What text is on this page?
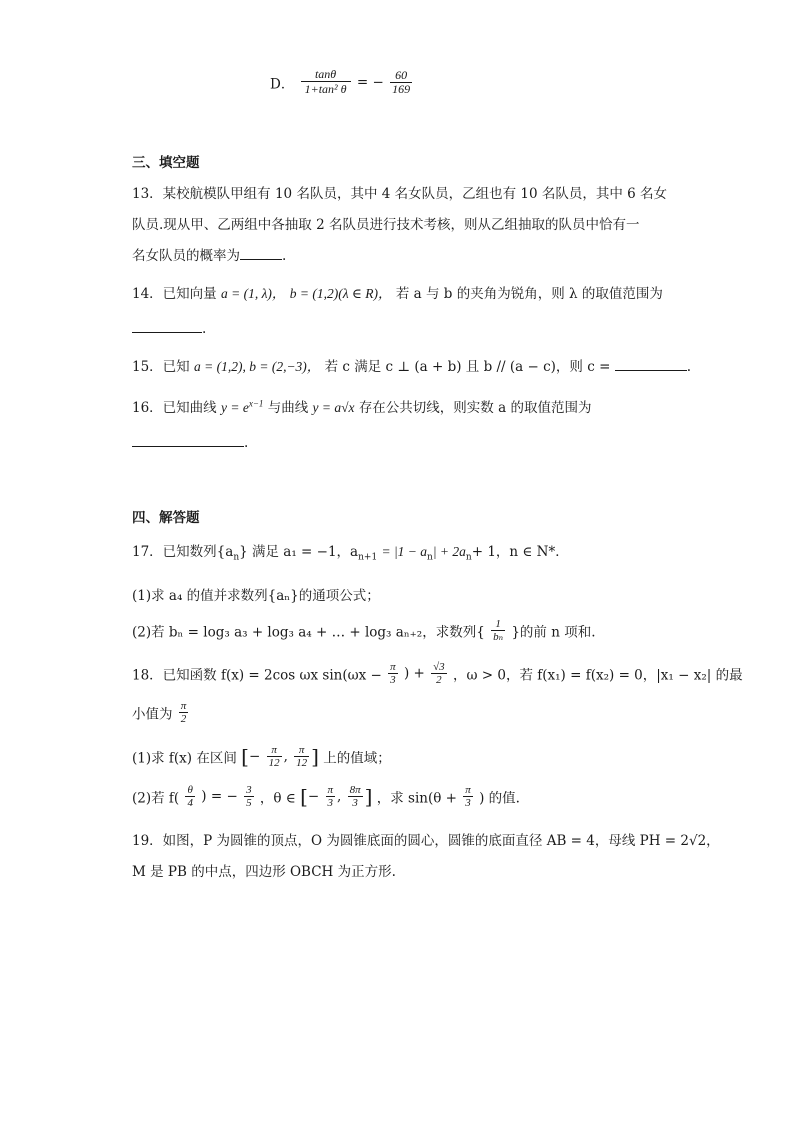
D． $\frac{\tan\theta}{\text{1+tan² θ}}$ = − $\frac{60}{169}$
三、填空题
13．某校航模队甲组有 10 名队员，其中 4 名女队员，乙组也有 10 名队员，其中 6 名女
队员.现从甲、乙两组中各抽取 2 名队员进行技术考核，则从乙组抽取的队员中恰有一
名女队员的概率为	.
14．已知向量 a = (1, λ)， b = (1,2)(λ ∈ R)， 若 a 与 b 的夹角为锐角，则 λ 的取值范围为
.
15．已知 a = (1,2), b = (2,−3)， 若 c 满足 c ⊥ (a + b) 且 b // (a − c)，则 c =	.
16．已知曲线 $y = e^{x-1}$ 与曲线 y = a√x 存在公共切线，则实数 a 的取值范围为
.
四、解答题
17．已知数列$\{a_n\}$ 满足 a₁ = −1，$a_{n+1} = |1 - a_n| + 2a_n+ 1$，n ∈ N*．
(1)求 a₄ 的值并求数列{aₙ}的通项公式；
(2)若 bₙ = log₃ a₃ + log₃ a₄ + … + log₃ aₙ₊₂，求数列{ $\frac{1}{\text{bₙ}}$ }的前 n 项和.
18．已知函数 f(x) = 2cos ωx $\sin(\omega x - \frac{\pi}{3}$ ) + $\frac{√3}{2}$ ，ω > 0，若 f(x₁) = f(x₂) = 0，|x₁ − x₂| 的最
小值为 $\frac{\pi}{2}$
(1)求 f(x) 在区间 [− $\frac{\pi}{12}$ , $\frac{\pi}{12}$ ] 上的值域；
(2)若 $f( \frac{\theta}{4}$ ) = − $\frac{3}{5}$ ，θ ∈ [− $\frac{\pi}{3}$ , $\frac{8\pi}{3}$ ] ，求 $\sin(\theta + \frac{\pi}{3}$ ) 的值.
19．如图，P 为圆锥的顶点，O 为圆锥底面的圆心，圆锥的底面直径 AB = 4，母线 PH = 2√2，
M 是 PB 的中点，四边形 OBCH 为正方形.
